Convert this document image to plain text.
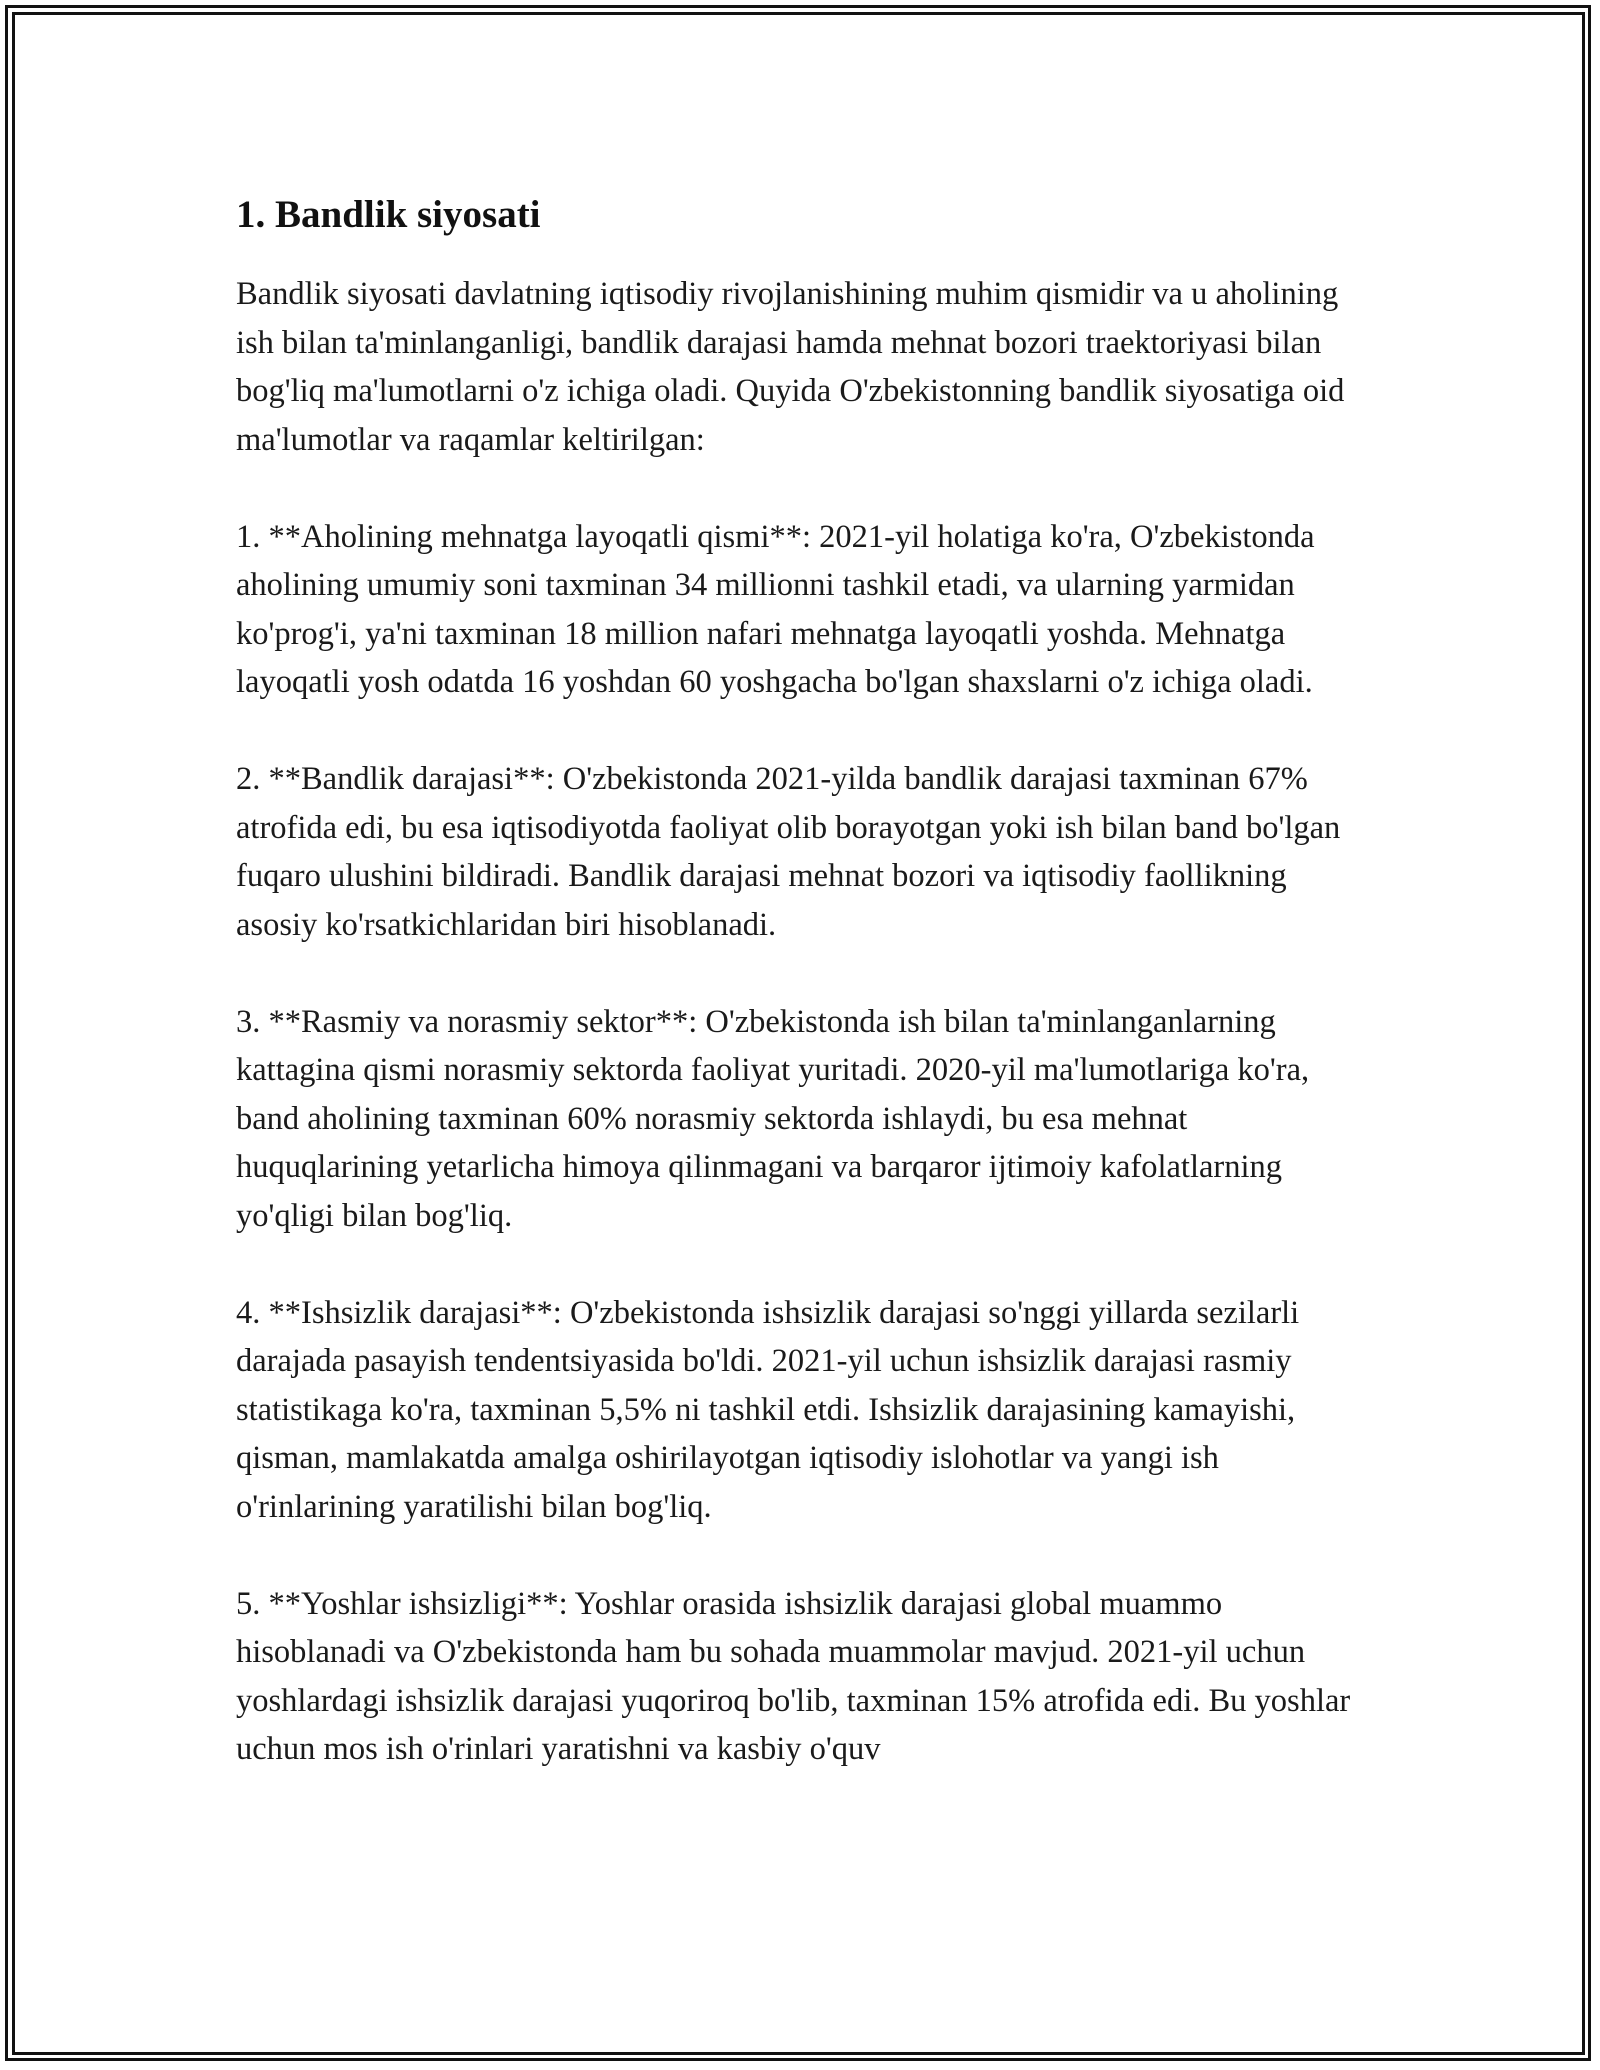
1. Bandlik siyosati

Bandlik siyosati davlatning iqtisodiy rivojlanishining muhim qismidir va u aholining ish bilan ta'minlanganligi, bandlik darajasi hamda mehnat bozori traektoriyasi bilan bog'liq ma'lumotlarni o'z ichiga oladi. Quyida O'zbekistonning bandlik siyosatiga oid ma'lumotlar va raqamlar keltirilgan:

1. **Aholining mehnatga layoqatli qismi**: 2021-yil holatiga ko'ra, O'zbekistonda aholining umumiy soni taxminan 34 millionni tashkil etadi, va ularning yarmidan ko'prog'i, ya'ni taxminan 18 million nafari mehnatga layoqatli yoshda. Mehnatga layoqatli yosh odatda 16 yoshdan 60 yoshgacha bo'lgan shaxslarni o'z ichiga oladi.

2. **Bandlik darajasi**: O'zbekistonda 2021-yilda bandlik darajasi taxminan 67% atrofida edi, bu esa iqtisodiyotda faoliyat olib borayotgan yoki ish bilan band bo'lgan fuqaro ulushini bildiradi. Bandlik darajasi mehnat bozori va iqtisodiy faollikning asosiy ko'rsatkichlaridan biri hisoblanadi.

3. **Rasmiy va norasmiy sektor**: O'zbekistonda ish bilan ta'minlanganlarning kattagina qismi norasmiy sektorda faoliyat yuritadi. 2020-yil ma'lumotlariga ko'ra, band aholining taxminan 60% norasmiy sektorda ishlaydi, bu esa mehnat huquqlarining yetarlicha himoya qilinmagani va barqaror ijtimoiy kafolatlarning yo'qligi bilan bog'liq.

4. **Ishsizlik darajasi**: O'zbekistonda ishsizlik darajasi so'nggi yillarda sezilarli darajada pasayish tendentsiyasida bo'ldi. 2021-yil uchun ishsizlik darajasi rasmiy statistikaga ko'ra, taxminan 5,5% ni tashkil etdi. Ishsizlik darajasining kamayishi, qisman, mamlakatda amalga oshirilayotgan iqtisodiy islohotlar va yangi ish o'rinlarining yaratilishi bilan bog'liq.

5. **Yoshlar ishsizligi**: Yoshlar orasida ishsizlik darajasi global muammo hisoblanadi va O'zbekistonda ham bu sohada muammolar mavjud. 2021-yil uchun yoshlardagi ishsizlik darajasi yuqoriroq bo'lib, taxminan 15% atrofida edi. Bu yoshlar uchun mos ish o'rinlari yaratishni va kasbiy o'quv
